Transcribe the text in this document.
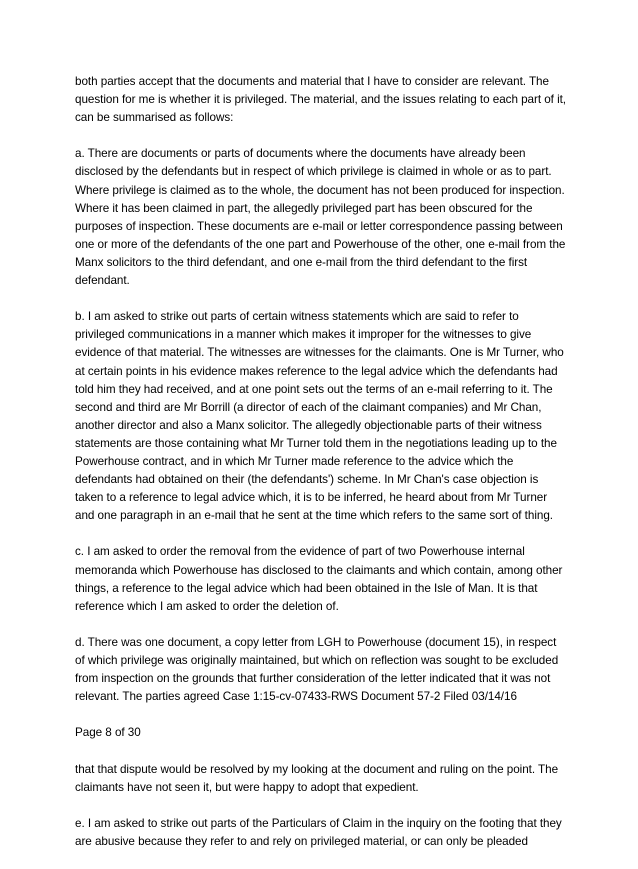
both parties accept that the documents and material that I have to consider are relevant. The question for me is whether it is privileged. The material, and the issues relating to each part of it, can be summarised as follows:

a. There are documents or parts of documents where the documents have already been disclosed by the defendants but in respect of which privilege is claimed in whole or as to part. Where privilege is claimed as to the whole, the document has not been produced for inspection. Where it has been claimed in part, the allegedly privileged part has been obscured for the purposes of inspection. These documents are e-mail or letter correspondence passing between one or more of the defendants of the one part and Powerhouse of the other, one e-mail from the Manx solicitors to the third defendant, and one e-mail from the third defendant to the first defendant.

b. I am asked to strike out parts of certain witness statements which are said to refer to privileged communications in a manner which makes it improper for the witnesses to give evidence of that material. The witnesses are witnesses for the claimants. One is Mr Turner, who at certain points in his evidence makes reference to the legal advice which the defendants had told him they had received, and at one point sets out the terms of an e-mail referring to it. The second and third are Mr Borrill (a director of each of the claimant companies) and Mr Chan, another director and also a Manx solicitor. The allegedly objectionable parts of their witness statements are those containing what Mr Turner told them in the negotiations leading up to the Powerhouse contract, and in which Mr Turner made reference to the advice which the defendants had obtained on their (the defendants') scheme. In Mr Chan's case objection is taken to a reference to legal advice which, it is to be inferred, he heard about from Mr Turner and one paragraph in an e-mail that he sent at the time which refers to the same sort of thing.

c. I am asked to order the removal from the evidence of part of two Powerhouse internal memoranda which Powerhouse has disclosed to the claimants and which contain, among other things, a reference to the legal advice which had been obtained in the Isle of Man. It is that reference which I am asked to order the deletion of.

d. There was one document, a copy letter from LGH to Powerhouse (document 15), in respect of which privilege was originally maintained, but which on reflection was sought to be excluded from inspection on the grounds that further consideration of the letter indicated that it was not relevant. The parties agreed Case 1:15-cv-07433-RWS Document 57-2 Filed 03/14/16

Page 8 of 30

that that dispute would be resolved by my looking at the document and ruling on the point. The claimants have not seen it, but were happy to adopt that expedient.

e. I am asked to strike out parts of the Particulars of Claim in the inquiry on the footing that they are abusive because they refer to and rely on privileged material, or can only be pleaded
